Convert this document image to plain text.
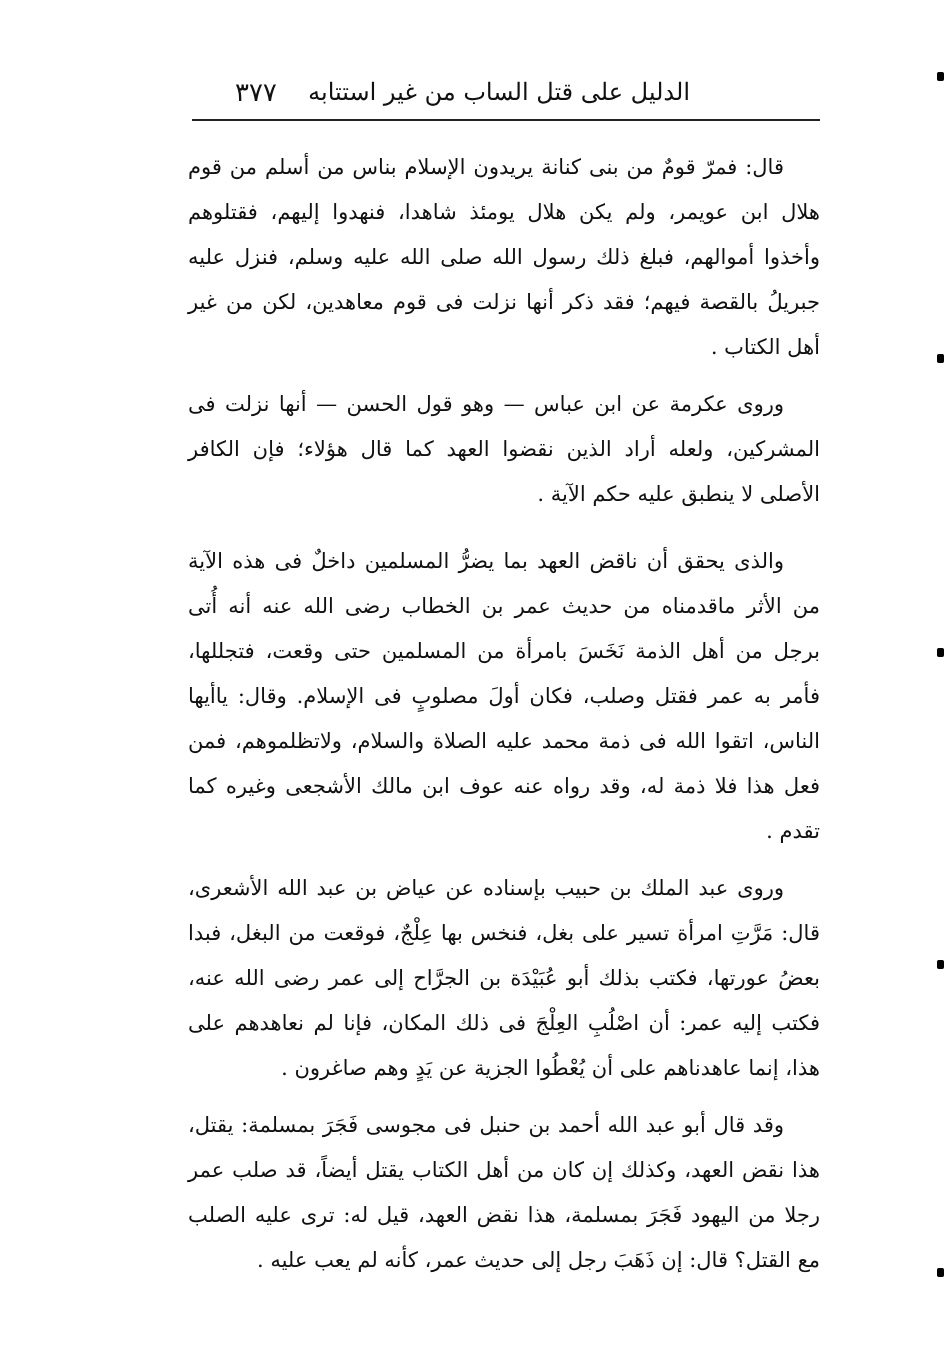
الدليل على قتل الساب من غير استتابه
٣٧٧

قال: فمرّ قومٌ من بنى كنانة يريدون الإسلام بناس من أسلم من قوم هلال ابن عويمر، ولم يكن هلال يومئذ شاهدا، فنهدوا إليهم، فقتلوهم وأخذوا أموالهم، فبلغ ذلك رسول الله صلى الله عليه وسلم، فنزل عليه جبريلُ بالقصة فيهم؛ فقد ذكر أنها نزلت فى قوم معاهدين، لكن من غير أهل الكتاب .

وروى عكرمة عن ابن عباس — وهو قول الحسن — أنها نزلت فى المشركين، ولعله أراد الذين نقضوا العهد كما قال هؤلاء؛ فإن الكافر الأصلى لا ينطبق عليه حكم الآية .

والذى يحقق أن ناقض العهد بما يضرُّ المسلمين داخلٌ فى هذه الآية من الأثر ماقدمناه من حديث عمر بن الخطاب رضى الله عنه أنه أُتى برجل من أهل الذمة نَخَسَ بامرأة من المسلمين حتى وقعت، فتجللها، فأمر به عمر فقتل وصلب، فكان أولَ مصلوبٍ فى الإسلام. وقال: ياأيها الناس، اتقوا الله فى ذمة محمد عليه الصلاة والسلام، ولاتظلموهم، فمن فعل هذا فلا ذمة له، وقد رواه عنه عوف ابن مالك الأشجعى وغيره كما تقدم .

وروى عبد الملك بن حبيب بإسناده عن عياض بن عبد الله الأشعرى، قال: مَرَّتِ امرأة تسير على بغل، فنخس بها عِلْجٌ، فوقعت من البغل، فبدا بعضُ عورتها، فكتب بذلك أبو عُبَيْدَة بن الجرَّاح إلى عمر رضى الله عنه، فكتب إليه عمر: أن اصْلُبِ العِلْجَ فى ذلك المكان، فإنا لم نعاهدهم على هذا، إنما عاهدناهم على أن يُعْطُوا الجزية عن يَدٍ وهم صاغرون .

وقد قال أبو عبد الله أحمد بن حنبل فى مجوسى فَجَرَ بمسلمة: يقتل، هذا نقض العهد، وكذلك إن كان من أهل الكتاب يقتل أيضاً، قد صلب عمر رجلا من اليهود فَجَرَ بمسلمة، هذا نقض العهد، قيل له: ترى عليه الصلب مع القتل؟ قال: إن ذَهَبَ رجل إلى حديث عمر، كأنه لم يعب عليه .
